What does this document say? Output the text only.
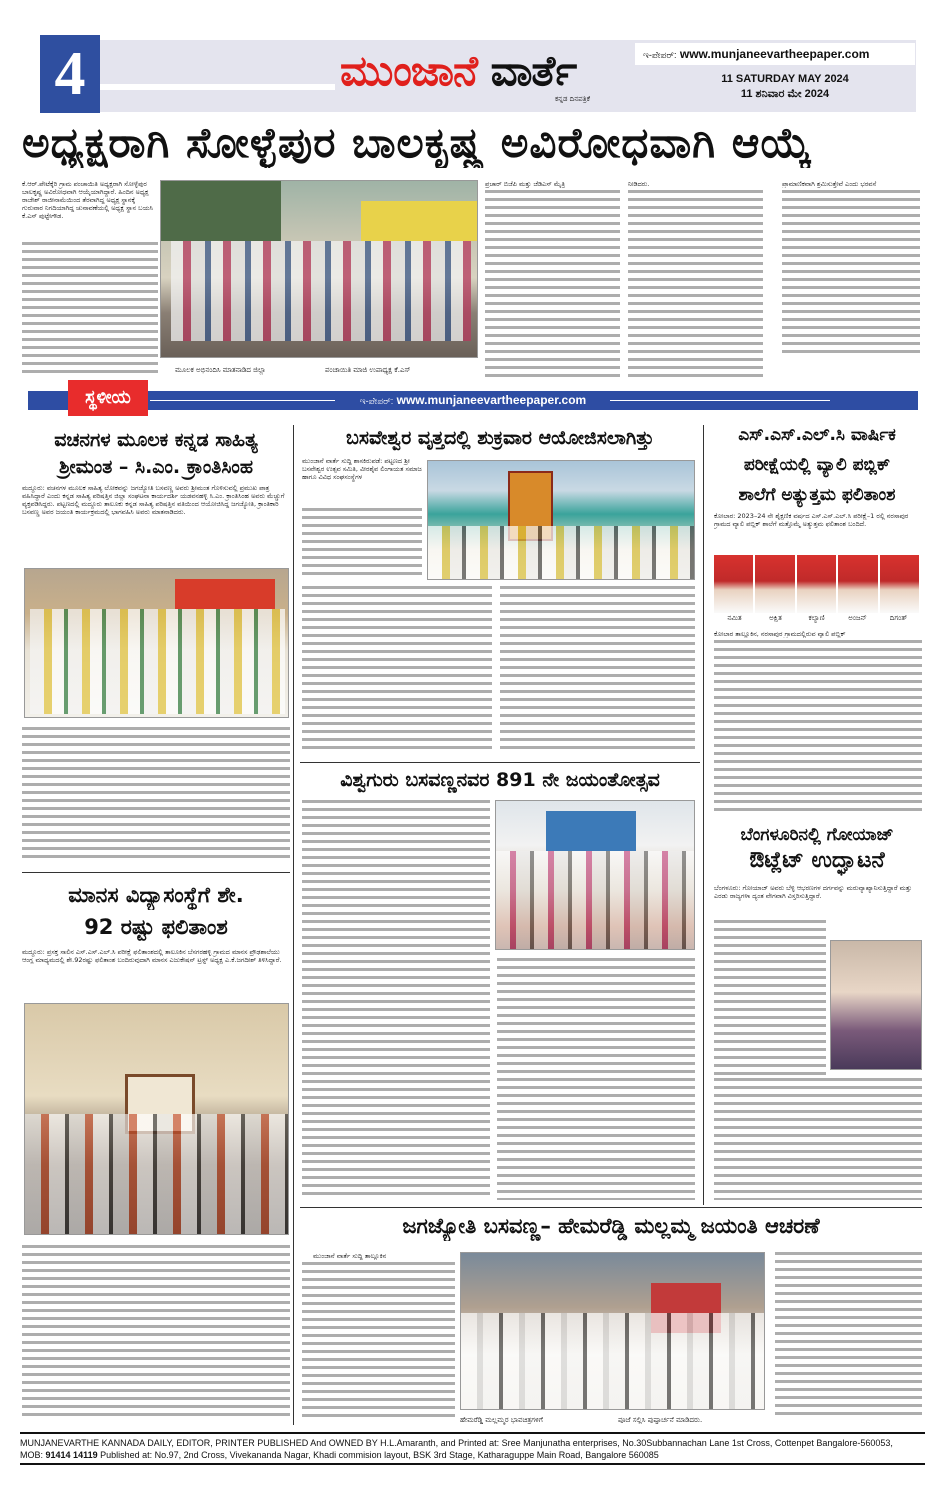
4	ಮುಂಜಾನೆ ವಾರ್ತೆ
ಕನ್ನಡ ದಿನಪತ್ರಿಕೆ
ಇ-ಪೇಪರ್: www.munjaneevartheepaper.com
11 SATURDAY MAY 2024
11 ಶನಿವಾರ ಮೇ 2024
ಅಧ್ಯಕ್ಷರಾಗಿ ಸೋಳ್ಳೆಪುರ ಬಾಲಕೃಷ್ಣ ಅವಿರೋಧವಾಗಿ ಆಯ್ಕೆ
ಕೆ.ಆರ್.ಪೇಟೆಕ್ಕೆರಿ ಗ್ರಾಮ ಪಂಚಾಯಿತಿ ಅಧ್ಯಕ್ಷರಾಗಿ ಸೋಳ್ಳೆಪುರ ಬಾಲಕೃಷ್ಣ ಅವಿರೋಧವಾಗಿ ಆಯ್ಕೆಯಾಗಿದ್ದಾರೆ. ಹಿಂದಿನ ಅಧ್ಯಕ್ಷ ರಾಜೇಶ್ ರಾಜೀನಾಮೆಯಿಂದ ತೆರವಾಗಿದ್ದ ಅಧ್ಯಕ್ಷ ಸ್ಥಾನಕ್ಕೆ ಗುರುವಾರ ನಿಗದಿಯಾಗಿದ್ದ ಚುನಾವಣೆಯಲ್ಲಿ ಅಧ್ಯಕ್ಷ ಸ್ಥಾನ ಬಯಸಿ ಕೆ.ಎಸ್ ಪುಟ್ಟೇಗೌಡ.
ಮೂಲಕ ಅಭಿನಂದಿಸಿ ಮಾತನಾಡಿದ ಜಿಲ್ಲಾ	ಪಂಚಾಯಿತಿ ಮಾಜಿ ಉಪಾಧ್ಯಕ್ಷ ಕೆ.ಎಸ್
ಪ್ರಚಾರ್ ಬಿಜೆಪಿ ಮತ್ತು ಜೆಡಿಎಸ್ ಮೈತ್ರಿ	ನೀಡಿದರು.	ಪ್ರಾಮಾಣಿಕವಾಗಿ ಶ್ರಮಿಸುತ್ತೇವೆ ಎಂದು ಭರವಸೆ
ಇ-ಪೇಪರ್: www.munjaneevartheepaper.com
ಸ್ಥಳೀಯ
ವಚನಗಳ ಮೂಲಕ ಕನ್ನಡ ಸಾಹಿತ್ಯ
ಶ್ರೀಮಂತ – ಸಿ.ಎಂ. ಕ್ರಾಂತಿಸಿಂಹ
ಮದ್ದೂರು: ವಚನಗಳ ಮೂಲಕ ಸಾಹಿತ್ಯ ಲೋಕವನ್ನು ಜಗಜ್ಯೋತಿ ಬಸವಣ್ಣ ಅವರು ಶ್ರೀಮಂತ ಗೊಳಿಸುವಲ್ಲಿ ಪ್ರಮುಖ ಪಾತ್ರ ವಹಿಸಿದ್ದಾರೆ ಎಂದು ಕನ್ನಡ ಸಾಹಿತ್ಯ ಪರಿಷತ್ತಿನ ಜಿಲ್ಲಾ ಸಂಘಟನಾ ಕಾರ್ಯದರ್ಶಿ ಯಡವನಹಳ್ಳಿ ಸಿ.ಎಂ. ಕ್ರಾಂತಿಸಿಂಹ ಅವರು ಮೆಚ್ಚುಗೆ ವ್ಯಕ್ತಪಡಿಸಿದ್ದರು. ಪಟ್ಟಣದಲ್ಲಿ ಮದ್ದೂರು ತಾಲೂಕು ಕನ್ನಡ ಸಾಹಿತ್ಯ ಪರಿಷತ್ತಿನ ವತಿಯಿಂದ ಆಯೋಜಿಸಿದ್ದ ಜಗಜ್ಯೋತಿ, ಕ್ರಾಂತಿಕಾರಿ ಬಸವಣ್ಣ ಅವರ ಜಯಂತಿ ಕಾರ್ಯಕ್ರಮದಲ್ಲಿ ಭಾಗವಹಿಸಿ ಅವರು ಮಾತನಾಡಿದರು.
ಮಾನಸ ವಿದ್ಯಾಸಂಸ್ಥೆಗೆ ಶೇ.
92 ರಷ್ಟು ಫಲಿತಾಂಶ
ಮದ್ದೂರು: ಪ್ರಸಕ್ತ ಸಾಲಿನ ಎಸ್.ಎಸ್.ಎಲ್.ಸಿ ಪರೀಕ್ಷೆ ಫಲಿತಾಂಶದಲ್ಲಿ ತಾಲೂಕಿನ ಬೆಸಗರಹಳ್ಳಿ ಗ್ರಾಮದ ಮಾನಸ ಪ್ರೌಢಶಾಲೆಯು ಆಂಗ್ಲ ಮಾಧ್ಯಮದಲ್ಲಿ ಶೇ.92ರಷ್ಟು ಫಲಿತಾಂಶ ಬಂದಿರುವುದಾಗಿ ಮಾನಸ ಎಜುಕೇಷನ್ ಟ್ರಸ್ಟ್ ಅಧ್ಯಕ್ಷ ಎ.ಕೆ.ಜಗದೀಶ್ ತಿಳಿಸಿದ್ದಾರೆ.
ಬಸವೇಶ್ವರ ವೃತ್ತದಲ್ಲಿ ಶುಕ್ರವಾರ ಆಯೋಜಿಸಲಾಗಿತ್ತು
ಮುಂಜಾನೆ ವಾರ್ತೆ ಸುದ್ದಿ ಶಾಸಕಿರುಪಡೆ: ಪಟ್ಟಣದ ಶ್ರೀ ಬಸವೇಶ್ವರ ಉತ್ಸವ ಸಮಿತಿ, ವೀರಶೈವ ಲಿಂಗಾಯತ ಸಮಾಜ ಹಾಗೂ ವಿವಿಧ ಸಂಘಸಂಸ್ಥೆಗಳ
ವಿಶ್ವಗುರು ಬಸವಣ್ಣನವರ 891 ನೇ ಜಯಂತೋತ್ಸವ
ಎಸ್.ಎಸ್.ಎಲ್.ಸಿ ವಾರ್ಷಿಕ
ಪರೀಕ್ಷೆಯಲ್ಲಿ ವ್ಯಾಲಿ ಪಬ್ಲಿಕ್
ಶಾಲೆಗೆ ಅತ್ಯುತ್ತಮ ಫಲಿತಾಂಶ
ಕೋಲಾರ: 2023–24 ನೇ ಶೈಕ್ಷಣಿಕ ವರ್ಷದ ಎಸ್.ಎಸ್.ಎಲ್.ಸಿ ಪರೀಕ್ಷೆ–1 ರಲ್ಲಿ ನರಸಾಪುರ ಗ್ರಾಮದ ವ್ಯಾಲಿ ಪಬ್ಲಿಕ್ ಶಾಲೆಗೆ ಮತ್ತೊಮ್ಮೆ ಅತ್ಯುತ್ತಮ ಫಲಿತಾಂಶ ಬಂದಿದೆ.
ನಮಿತ	ಅಕ್ಷಿತ	ಕಲ್ಯಾಣಿ	ಅಂಜನ್	ದಿಗಂತ್
ಕೋಲಾರ ತಾಲ್ಲೂಕಿನ, ನರಸಾಪುರ ಗ್ರಾಮದಲ್ಲಿರುವ ವ್ಯಾಲಿ ಪಬ್ಲಿಕ್
ಬೆಂಗಳೂರಿನಲ್ಲಿ ಗೋಯಾಜ್
ಔಟ್ಲೆಟ್ ಉದ್ಘಾಟನೆ
ಬೆಂಗಳೂರು: ಗೋಯಾಜ್ ಅವರು ಬೆಳ್ಳಿ ಆಭರಣಗಳ ದರ್ಗವನ್ನು ಮರುವ್ಯಾಖ್ಯಾನಿಸುತ್ತಿದ್ದಾರೆ ಮತ್ತು ಎರಡು ರಾಜ್ಯಗಳಾ ದ್ಯಂತ ವೇಗವಾಗಿ ವಿಸ್ತರಿಸುತ್ತಿದ್ದಾರೆ.
ಜಗಜ್ಯೋತಿ ಬಸವಣ್ಣ– ಹೇಮರೆಡ್ಡಿ ಮಲ್ಲಮ್ಮ ಜಯಂತಿ ಆಚರಣೆ
ಮುಂಜಾನೆ ವಾರ್ತೆ ಸುದ್ದಿ ತಾಲ್ಲೂಕಿನ
ಹೇಮರೆಡ್ಡಿ ಮಲ್ಲಮ್ಮರ ಭಾವಚಿತ್ರಗಳಿಗೆ	ಪೂಜೆ ಸಲ್ಲಿಸಿ ಪುಷ್ಪಾರ್ಚನೆ ಮಾಡಿದರು.
MUNJANEVARTHE KANNADA DAILY, EDITOR, PRINTER PUBLISHED And OWNED BY H.L.Amaranth, and Printed at: Sree Manjunatha enterprises, No.30Subbannachan Lane 1st Cross, Cottenpet Bangalore-560053,
MOB: 91414 14119 Published at: No.97, 2nd Cross, Vivekananda Nagar, Khadi commision layout, BSK 3rd Stage, Katharaguppe Main Road, Bangalore 560085
